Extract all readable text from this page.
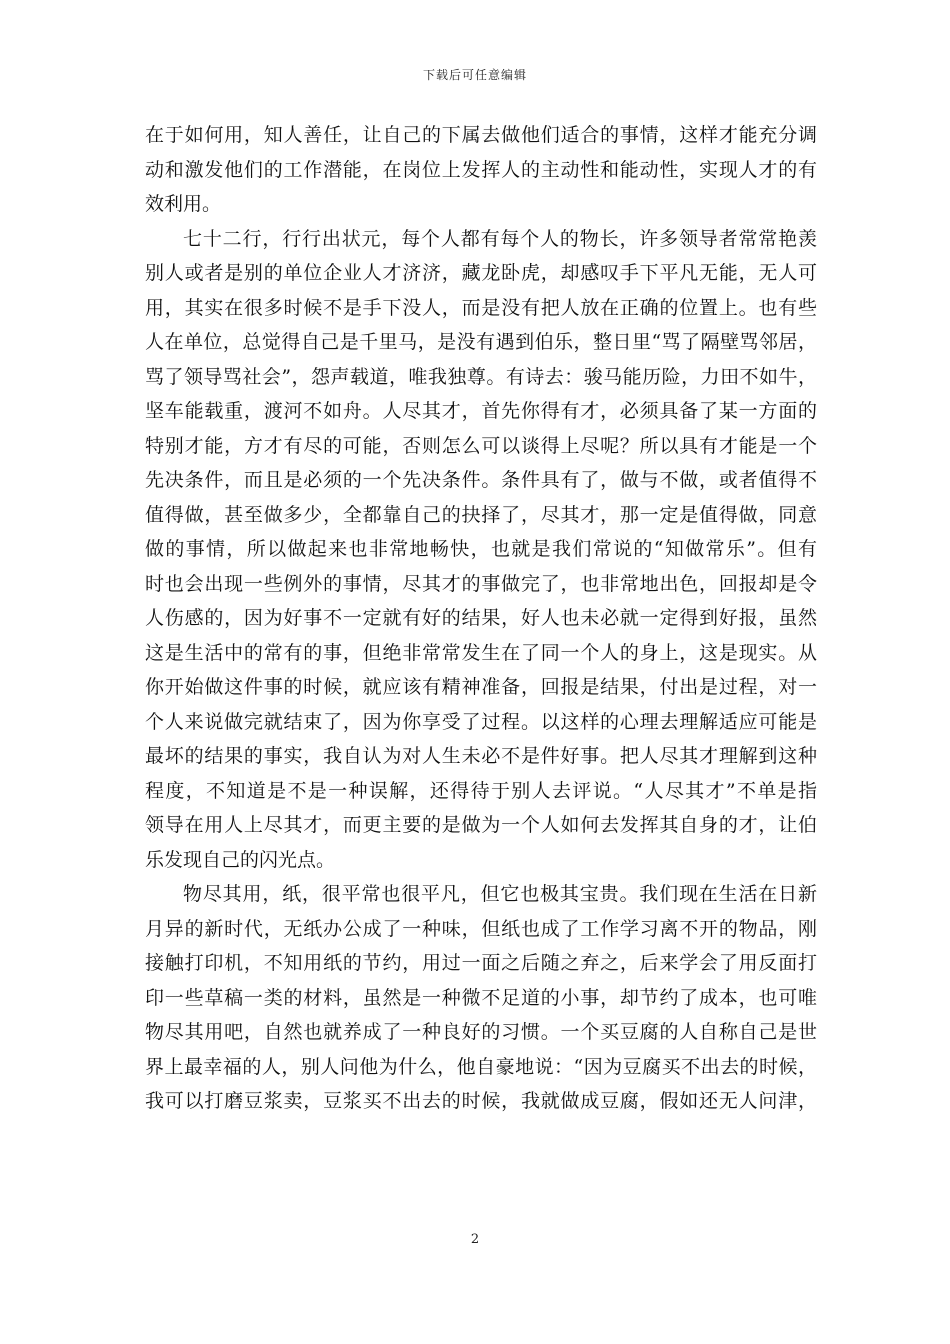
下载后可任意编辑
在于如何用，知人善任，让自己的下属去做他们适合的事情，这样才能充分调
动和激发他们的工作潜能，在岗位上发挥人的主动性和能动性，实现人才的有
效利用。
七十二行，行行出状元，每个人都有每个人的物长，许多领导者常常艳羡
别人或者是别的单位企业人才济济，藏龙卧虎，却感叹手下平凡无能，无人可
用，其实在很多时候不是手下没人，而是没有把人放在正确的位置上。也有些
人在单位，总觉得自己是千里马，是没有遇到伯乐，整日里“骂了隔壁骂邻居，
骂了领导骂社会”，怨声载道，唯我独尊。有诗去：骏马能历险，力田不如牛，
坚车能载重，渡河不如舟。人尽其才，首先你得有才，必须具备了某一方面的
特别才能，方才有尽的可能，否则怎么可以谈得上尽呢？所以具有才能是一个
先决条件，而且是必须的一个先决条件。条件具有了，做与不做，或者值得不
值得做，甚至做多少，全都靠自己的抉择了，尽其才，那一定是值得做，同意
做的事情，所以做起来也非常地畅快，也就是我们常说的“知做常乐”。但有
时也会出现一些例外的事情，尽其才的事做完了，也非常地出色，回报却是令
人伤感的，因为好事不一定就有好的结果，好人也未必就一定得到好报，虽然
这是生活中的常有的事，但绝非常常发生在了同一个人的身上，这是现实。从
你开始做这件事的时候，就应该有精神准备，回报是结果，付出是过程，对一
个人来说做完就结束了，因为你享受了过程。以这样的心理去理解适应可能是
最坏的结果的事实，我自认为对人生未必不是件好事。把人尽其才理解到这种
程度，不知道是不是一种误解，还得待于别人去评说。“人尽其才”不单是指
领导在用人上尽其才，而更主要的是做为一个人如何去发挥其自身的才，让伯
乐发现自己的闪光点。
物尽其用，纸，很平常也很平凡，但它也极其宝贵。我们现在生活在日新
月异的新时代，无纸办公成了一种味，但纸也成了工作学习离不开的物品，刚
接触打印机，不知用纸的节约，用过一面之后随之弃之，后来学会了用反面打
印一些草稿一类的材料，虽然是一种微不足道的小事，却节约了成本，也可唯
物尽其用吧，自然也就养成了一种良好的习惯。一个买豆腐的人自称自己是世
界上最幸福的人，别人问他为什么，他自豪地说：“因为豆腐买不出去的时候，
我可以打磨豆浆卖，豆浆买不出去的时候，我就做成豆腐，假如还无人问津，
2
